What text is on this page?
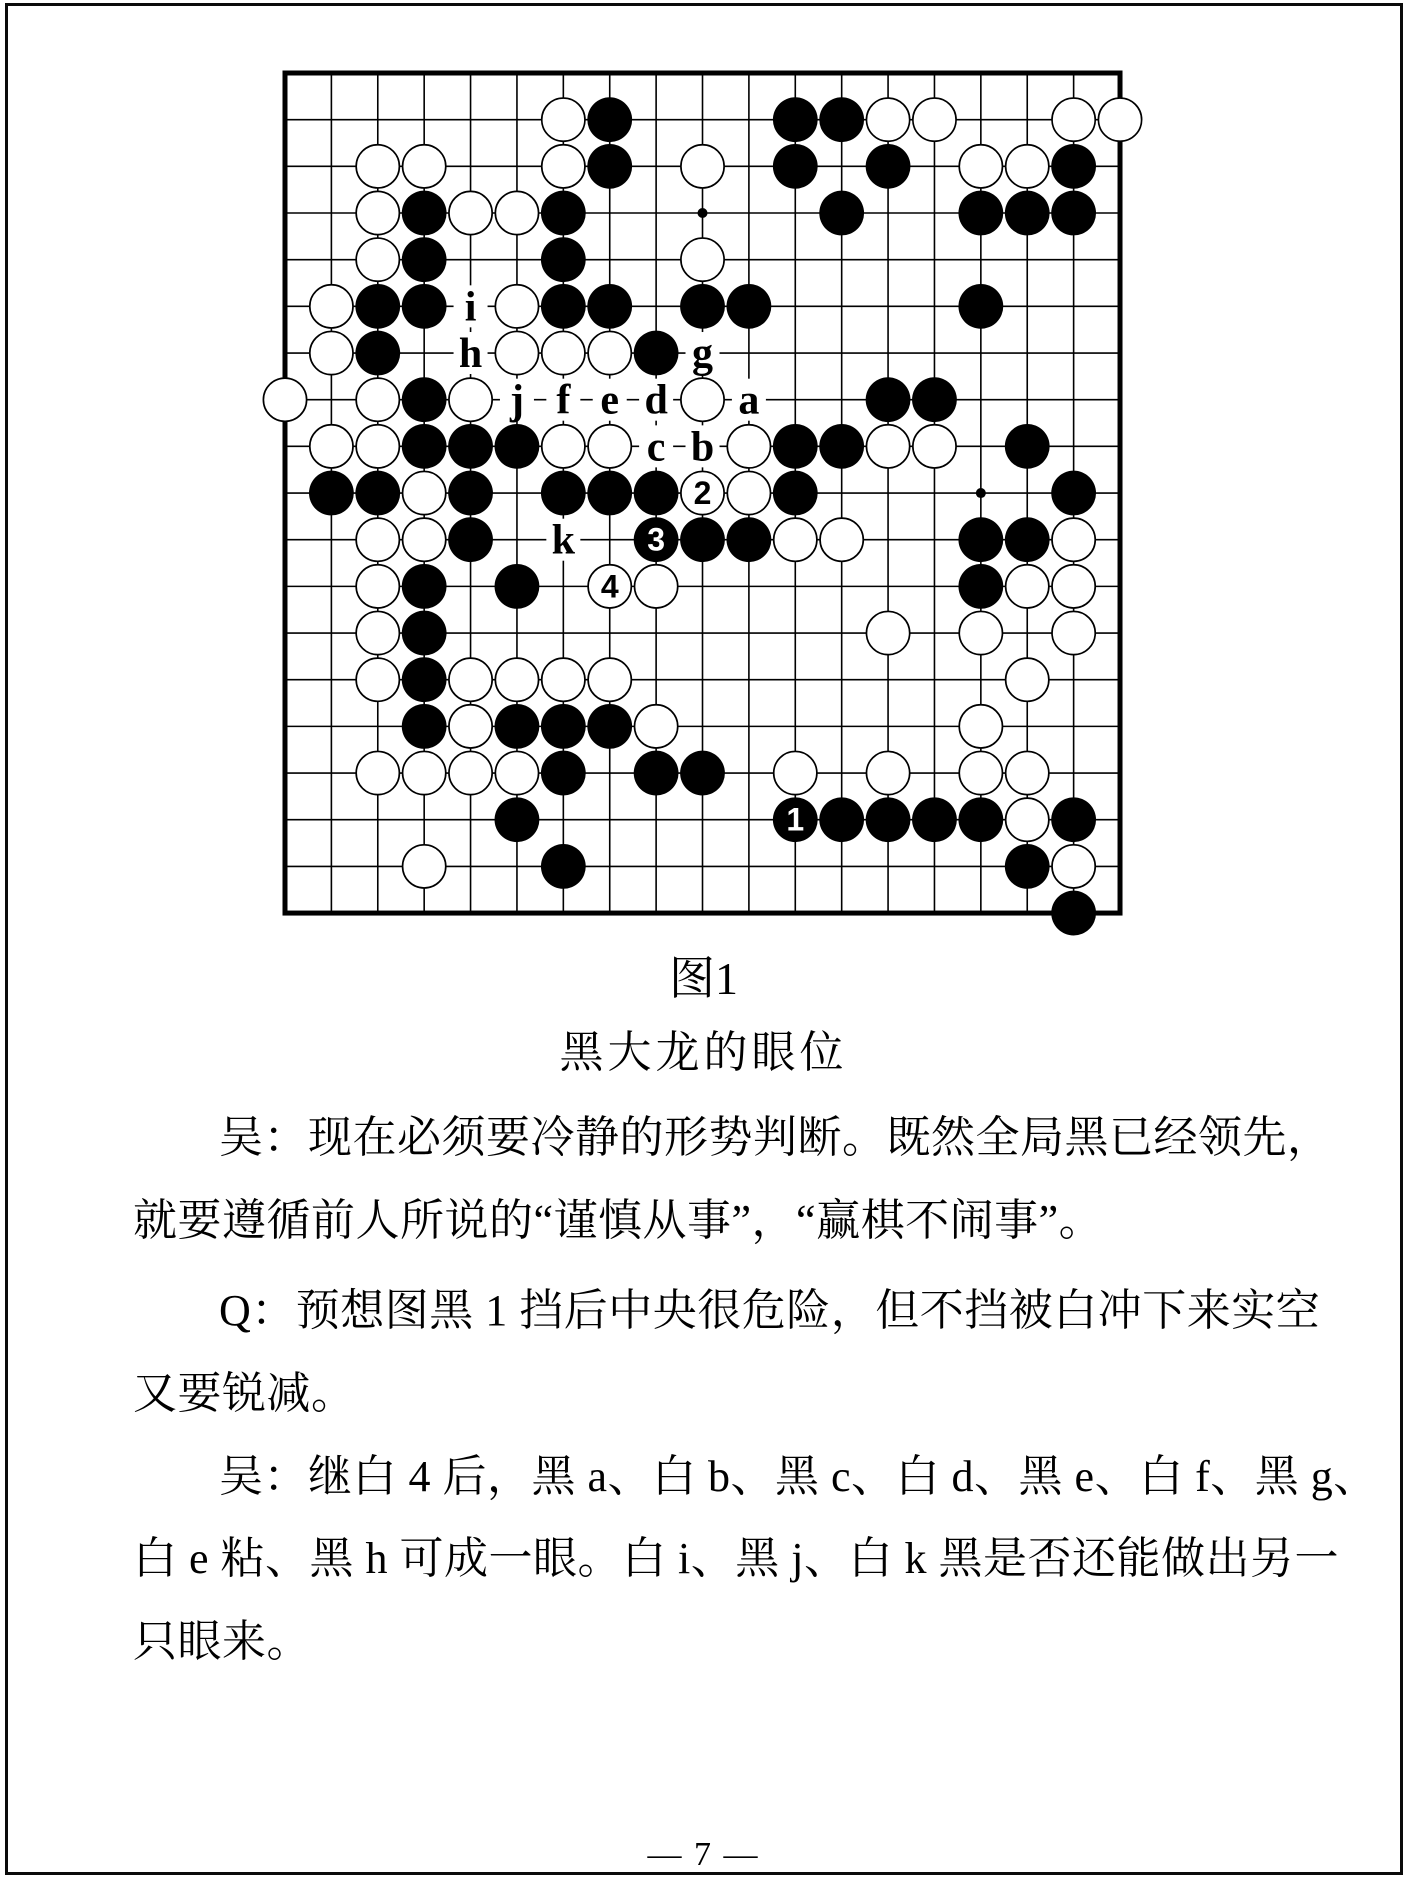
1
2
3
4
a
b
c
d
e
f
g
h
i
j
k
图1
黑大龙的眼位
吴：现在必须要冷静的形势判断。既然全局黑已经领先，
就要遵循前人所说的“谨慎从事”，“赢棋不闹事”。
Q：预想图黑 1 挡后中央很危险，但不挡被白冲下来实空
又要锐减。
吴：继白 4 后，黑 a、白 b、黑 c、白 d、黑 e、白 f、黑 g、
白 e 粘、黑 h 可成一眼。白 i、黑 j、白 k 黑是否还能做出另一
只眼来。
— 7 —
